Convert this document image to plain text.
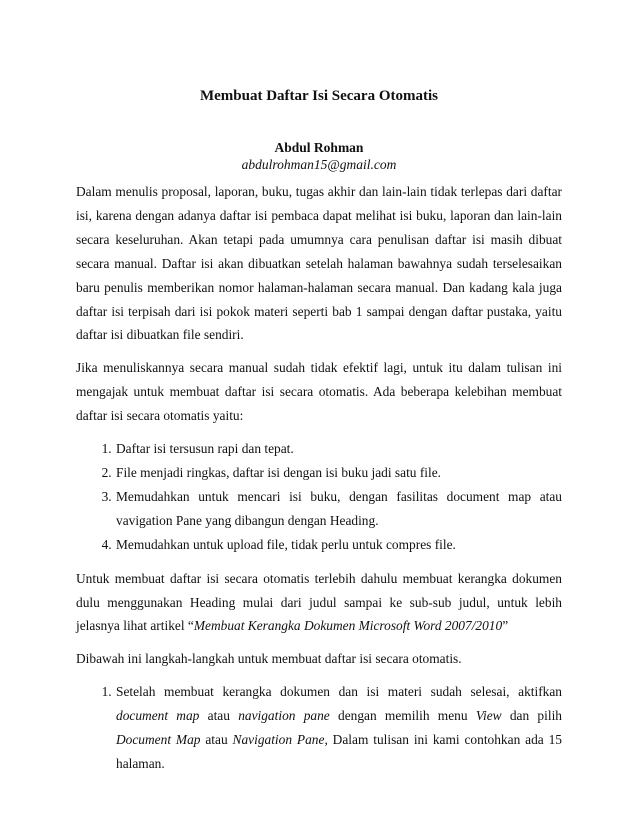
Membuat Daftar Isi Secara Otomatis
Abdul Rohman
abdulrohman15@gmail.com

Dalam menulis proposal, laporan, buku, tugas akhir dan lain-lain tidak terlepas dari daftar isi, karena dengan adanya daftar isi pembaca dapat melihat isi buku, laporan dan lain-lain secara keseluruhan. Akan tetapi pada umumnya cara penulisan daftar isi masih dibuat secara manual. Daftar isi akan dibuatkan setelah halaman bawahnya sudah terselesaikan baru penulis memberikan nomor halaman-halaman secara manual. Dan kadang kala juga daftar isi terpisah dari isi pokok materi seperti bab 1 sampai dengan daftar pustaka, yaitu daftar isi dibuatkan file sendiri.

Jika menuliskannya secara manual sudah tidak efektif lagi, untuk itu dalam tulisan ini mengajak untuk membuat daftar isi secara otomatis. Ada beberapa kelebihan membuat daftar isi secara otomatis yaitu:

1. Daftar isi tersusun rapi dan tepat.
2. File menjadi ringkas, daftar isi dengan isi buku jadi satu file.
3. Memudahkan untuk mencari isi buku, dengan fasilitas document map atau vavigation Pane yang dibangun dengan Heading.
4. Memudahkan untuk upload file, tidak perlu untuk compres file.

Untuk membuat daftar isi secara otomatis terlebih dahulu membuat kerangka dokumen dulu menggunakan Heading mulai dari judul sampai ke sub-sub judul, untuk lebih jelasnya lihat artikel “Membuat Kerangka Dokumen Microsoft Word 2007/2010”

Dibawah ini langkah-langkah untuk membuat daftar isi secara otomatis.

1. Setelah membuat kerangka dokumen dan isi materi sudah selesai, aktifkan document map atau navigation pane dengan memilih menu View dan pilih Document Map atau Navigation Pane, Dalam tulisan ini kami contohkan ada 15 halaman.
